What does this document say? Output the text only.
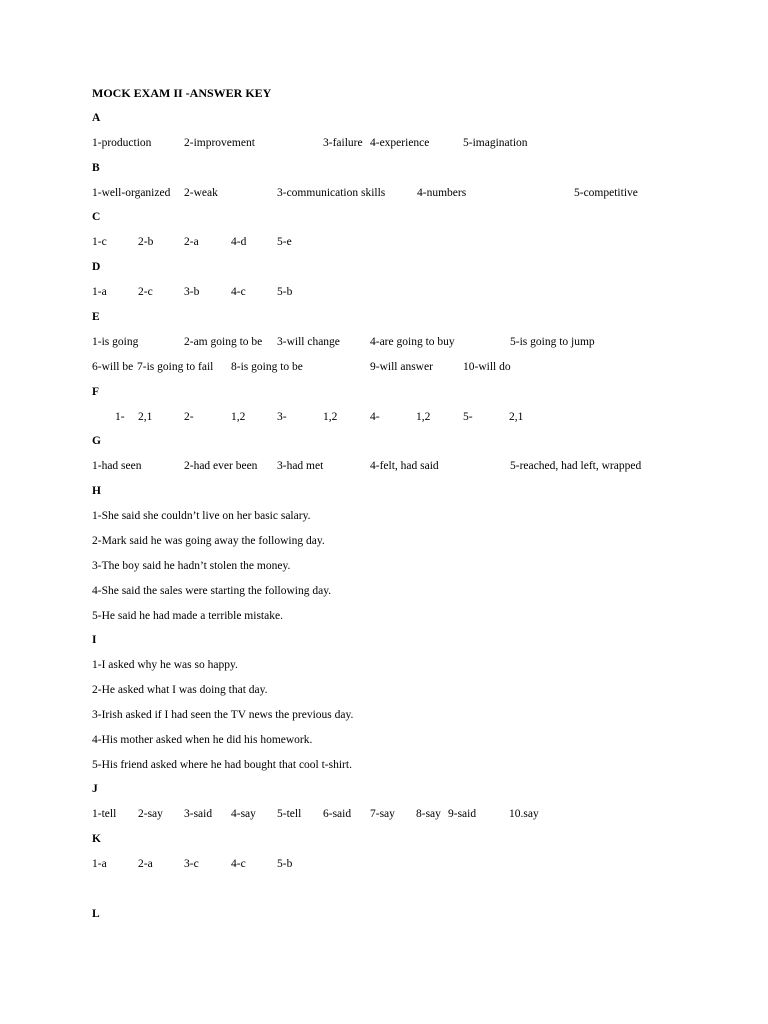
MOCK EXAM II -ANSWER KEY
A
1-production	2-improvement	3-failure 4-experience	5-imagination
B
1-well-organized 2-weak	3-communication skills	4-numbers	5-competitive
C
1-c	2-b	2-a	4-d	5-e
D
1-a	2-c	3-b	4-c	5-b
E
1-is going	2-am going to be 3-will change	4-are going to buy	5-is going to jump
6-will be 7-is going to fail 8-is going to be	9-will answer	10-will do
F
1- 2,1	2-	1,2	3-	1,2	4-	1,2	5-	2,1
G
1-had seen	2-had ever been 3-had met	4-felt, had said	5-reached, had left, wrapped
H
1-She said she couldn’t live on her basic salary.
2-Mark said he was going away the following day.
3-The boy said he hadn’t stolen the money.
4-She said the sales were starting the following day.
5-He said he had made a terrible mistake.
I
1-I asked why he was so happy.
2-He asked what I was doing that day.
3-Irish asked if I had seen the TV news the previous day.
4-His mother asked when he did his homework.
5-His friend asked where he had bought that cool t-shirt.
J
1-tell 2-say 3-said 4-say 5-tell 6-said 7-say 8-say 9-said	10.say
K
1-a	2-a	3-c	4-c	5-b
L
